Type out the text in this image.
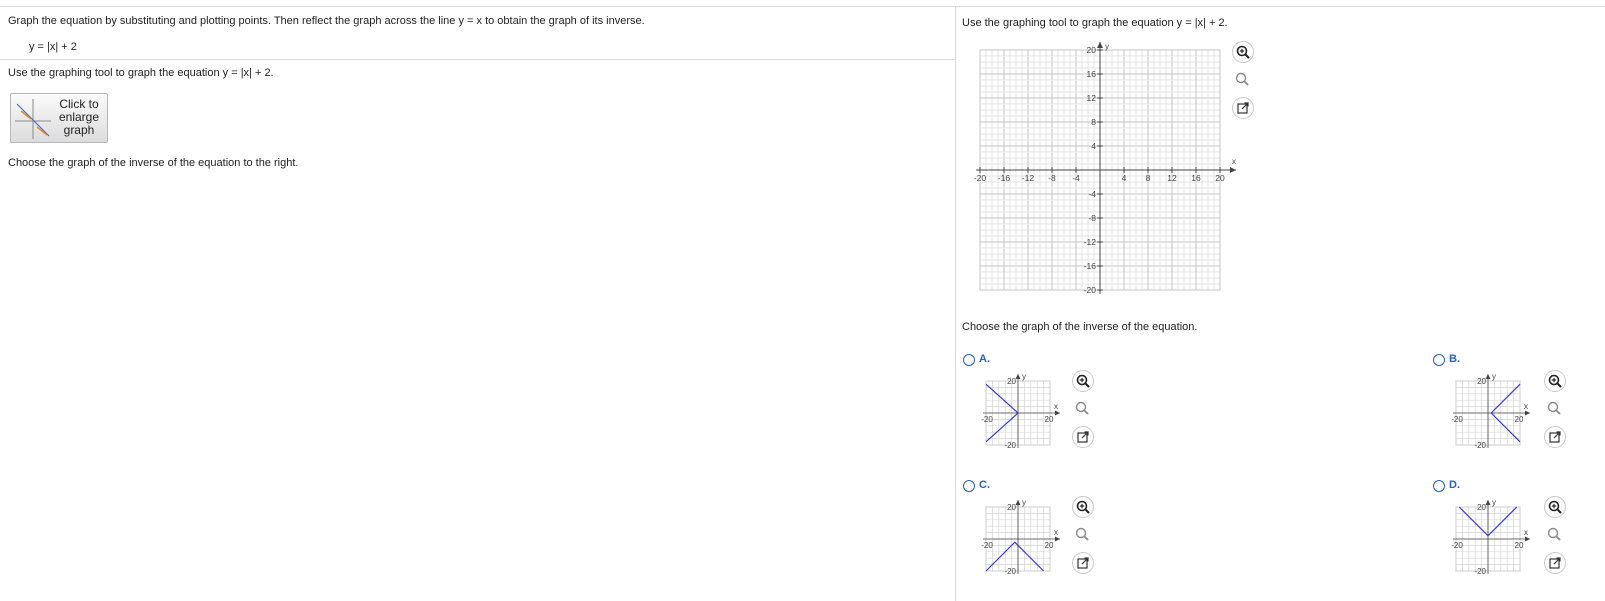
Graph the equation by substituting and plotting points. Then reflect the graph across the line y = x to obtain the graph of its inverse.
y = |x| + 2
Use the graphing tool to graph the equation y = |x| + 2.
Click to
enlarge
graph
Choose the graph of the inverse of the equation to the right.
Use the graphing tool to graph the equation y = |x| + 2.
-20 -16 -12 -8 -4	4 8 12 16 20
20
16
12
8
4
-4
-8
-12
-16
-20
x
y
Choose the graph of the inverse of the equation.
A.
20
-20
-20	20
x
y
B.
20
-20
-20	20
x
y
C.
20
-20
-20	20
x
y
D.
20
-20
-20	20
x
y
